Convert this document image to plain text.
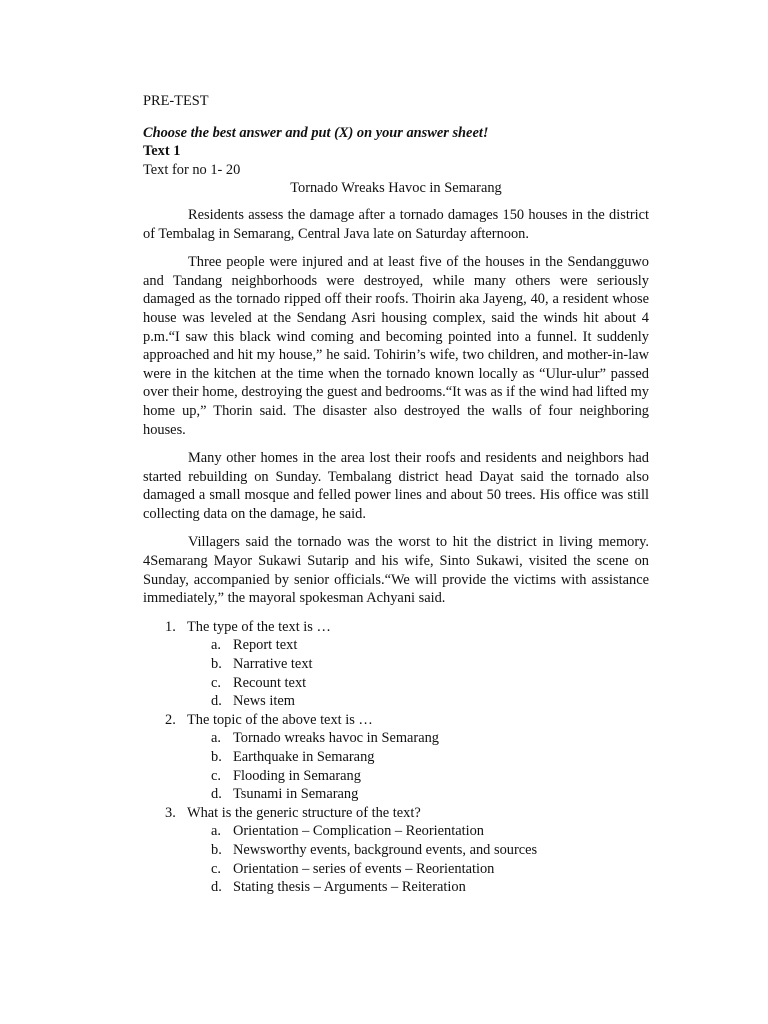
PRE-TEST

Choose the best answer and put (X) on your answer sheet!

Text 1

Text for no 1- 20

Tornado Wreaks Havoc in Semarang

Residents assess the damage after a tornado damages 150 houses in the district of Tembalag in Semarang, Central Java late on Saturday afternoon.

Three people were injured and at least five of the houses in the Sendangguwo and Tandang neighborhoods were destroyed, while many others were seriously damaged as the tornado ripped off their roofs. Thoirin aka Jayeng, 40, a resident whose house was leveled at the Sendang Asri housing complex, said the winds hit about 4 p.m.“I saw this black wind coming and becoming pointed into a funnel. It suddenly approached and hit my house,” he said. Tohirin’s wife, two children, and mother-in-law were in the kitchen at the time when the tornado known locally as “Ulur-ulur” passed over their home, destroying the guest and bedrooms.“It was as if the wind had lifted my home up,” Thorin said. The disaster also destroyed the walls of four neighboring houses.

Many other homes in the area lost their roofs and residents and neighbors had started rebuilding on Sunday. Tembalang district head Dayat said the tornado also damaged a small mosque and felled power lines and about 50 trees. His office was still collecting data on the damage, he said.

Villagers said the tornado was the worst to hit the district in living memory. 4Semarang Mayor Sukawi Sutarip and his wife, Sinto Sukawi, visited the scene on Sunday, accompanied by senior officials.“We will provide the victims with assistance immediately,” the mayoral spokesman Achyani said.

1. The type of the text is …
a. Report text
b. Narrative text
c. Recount text
d. News item
2. The topic of the above text is …
a. Tornado wreaks havoc in Semarang
b. Earthquake in Semarang
c. Flooding in Semarang
d. Tsunami in Semarang
3. What is the generic structure of the text?
a. Orientation – Complication – Reorientation
b. Newsworthy events, background events, and sources
c. Orientation – series of events – Reorientation
d. Stating thesis – Arguments – Reiteration
